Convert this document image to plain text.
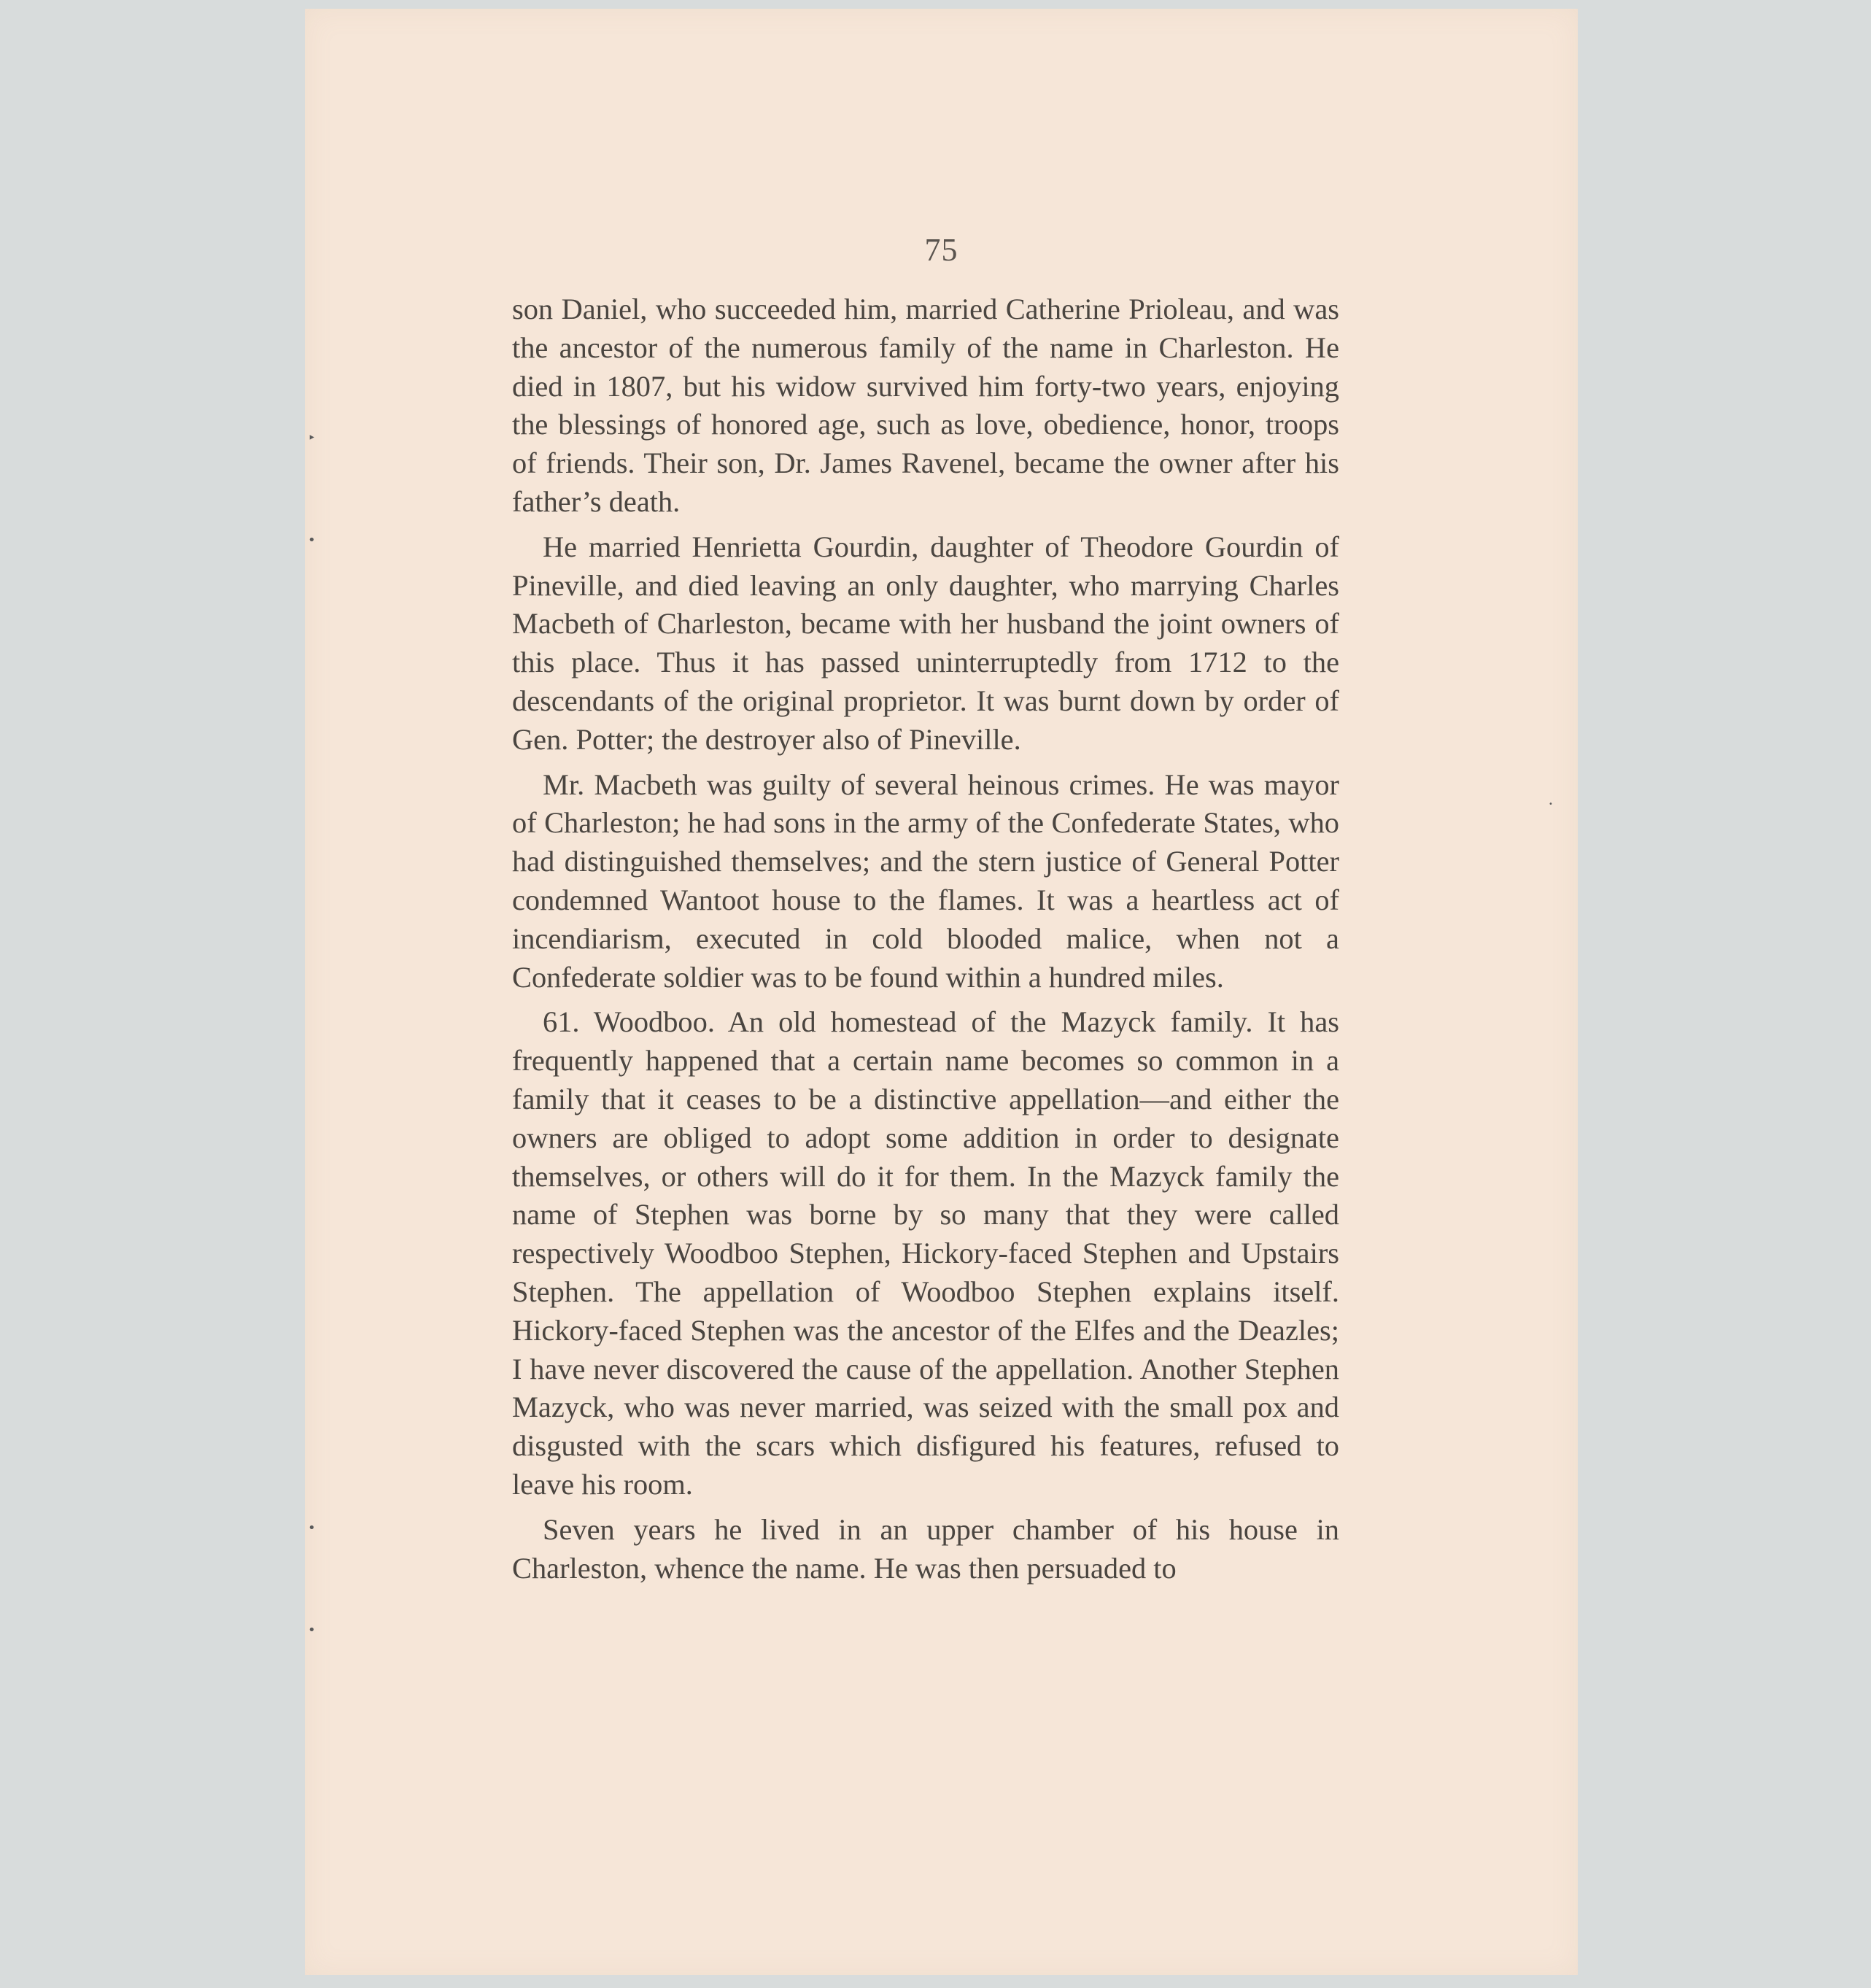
75

son Daniel, who succeeded him, married Catherine Prioleau, and was the ancestor of the numerous family of the name in Charleston. He died in 1807, but his widow survived him forty-two years, enjoying the blessings of honored age, such as love, obedience, honor, troops of friends. Their son, Dr. James Ravenel, became the owner after his father’s death.

He married Henrietta Gourdin, daughter of Theodore Gourdin of Pineville, and died leaving an only daughter, who marrying Charles Macbeth of Charleston, became with her husband the joint owners of this place. Thus it has passed uninterruptedly from 1712 to the descendants of the original proprietor. It was burnt down by order of Gen. Potter; the destroyer also of Pineville.

Mr. Macbeth was guilty of several heinous crimes. He was mayor of Charleston; he had sons in the army of the Confederate States, who had distinguished themselves; and the stern justice of General Potter condemned Wantoot house to the flames. It was a heartless act of incendiarism, executed in cold blooded malice, when not a Confederate soldier was to be found within a hundred miles.

61. Woodboo. An old homestead of the Mazyck family. It has frequently happened that a certain name becomes so common in a family that it ceases to be a distinctive appellation—and either the owners are obliged to adopt some addition in order to designate themselves, or others will do it for them. In the Mazyck family the name of Stephen was borne by so many that they were called respectively Woodboo Stephen, Hickory-faced Stephen and Upstairs Stephen. The appellation of Woodboo Stephen explains itself. Hickory-faced Stephen was the ancestor of the Elfes and the Deazles; I have never discovered the cause of the appellation. Another Stephen Mazyck, who was never married, was seized with the small pox and disgusted with the scars which disfigured his features, refused to leave his room.

Seven years he lived in an upper chamber of his house in Charleston, whence the name. He was then persuaded to

‣
•
•
•
•
